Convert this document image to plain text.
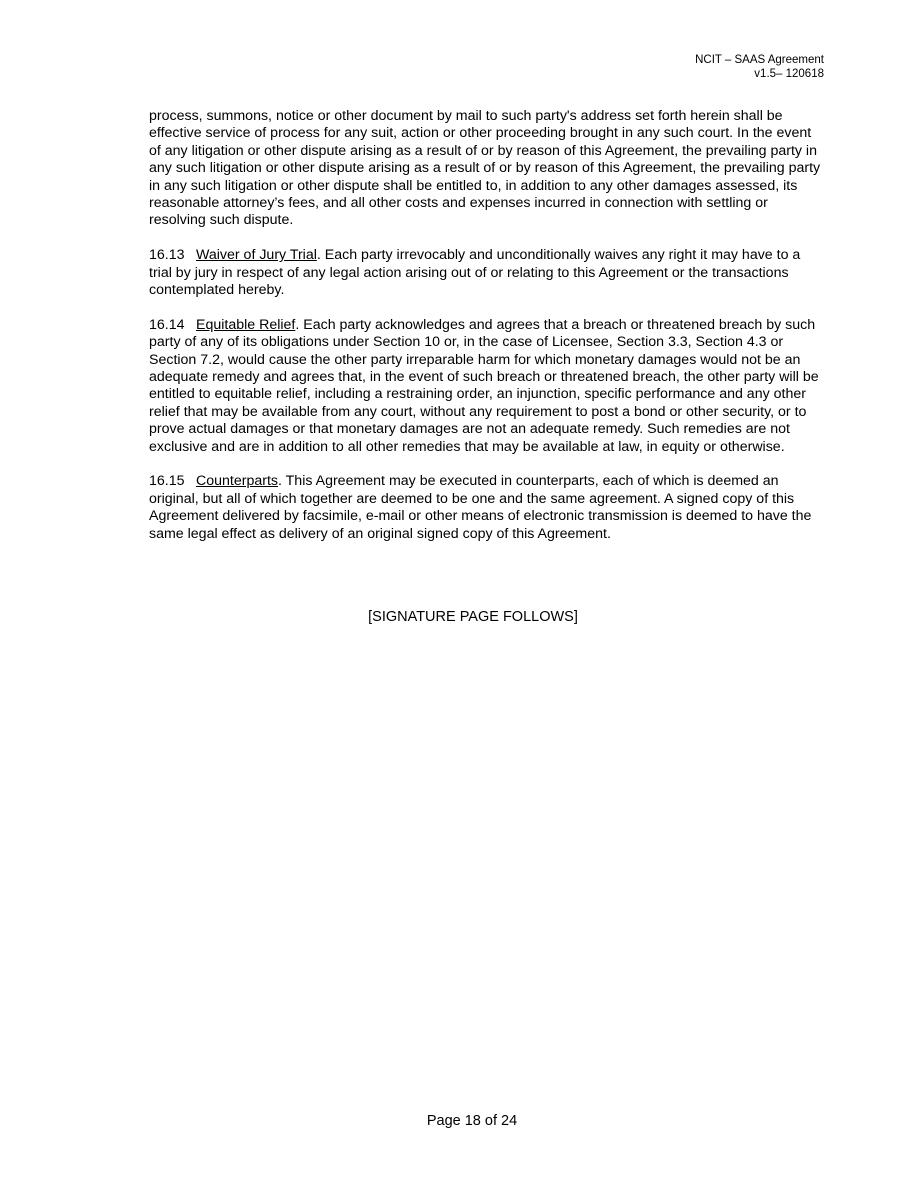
NCIT – SAAS Agreement
v1.5– 120618

process, summons, notice or other document by mail to such party's address set forth herein shall be effective service of process for any suit, action or other proceeding brought in any such court. In the event of any litigation or other dispute arising as a result of or by reason of this Agreement, the prevailing party in any such litigation or other dispute arising as a result of or by reason of this Agreement, the prevailing party in any such litigation or other dispute shall be entitled to, in addition to any other damages assessed, its reasonable attorney’s fees, and all other costs and expenses incurred in connection with settling or resolving such dispute.

16.13 Waiver of Jury Trial. Each party irrevocably and unconditionally waives any right it may have to a trial by jury in respect of any legal action arising out of or relating to this Agreement or the transactions contemplated hereby.

16.14 Equitable Relief. Each party acknowledges and agrees that a breach or threatened breach by such party of any of its obligations under Section 10 or, in the case of Licensee, Section 3.3, Section 4.3 or Section 7.2, would cause the other party irreparable harm for which monetary damages would not be an adequate remedy and agrees that, in the event of such breach or threatened breach, the other party will be entitled to equitable relief, including a restraining order, an injunction, specific performance and any other relief that may be available from any court, without any requirement to post a bond or other security, or to prove actual damages or that monetary damages are not an adequate remedy. Such remedies are not exclusive and are in addition to all other remedies that may be available at law, in equity or otherwise.

16.15 Counterparts. This Agreement may be executed in counterparts, each of which is deemed an original, but all of which together are deemed to be one and the same agreement. A signed copy of this Agreement delivered by facsimile, e-mail or other means of electronic transmission is deemed to have the same legal effect as delivery of an original signed copy of this Agreement.

[SIGNATURE PAGE FOLLOWS]
Page 18 of 24
